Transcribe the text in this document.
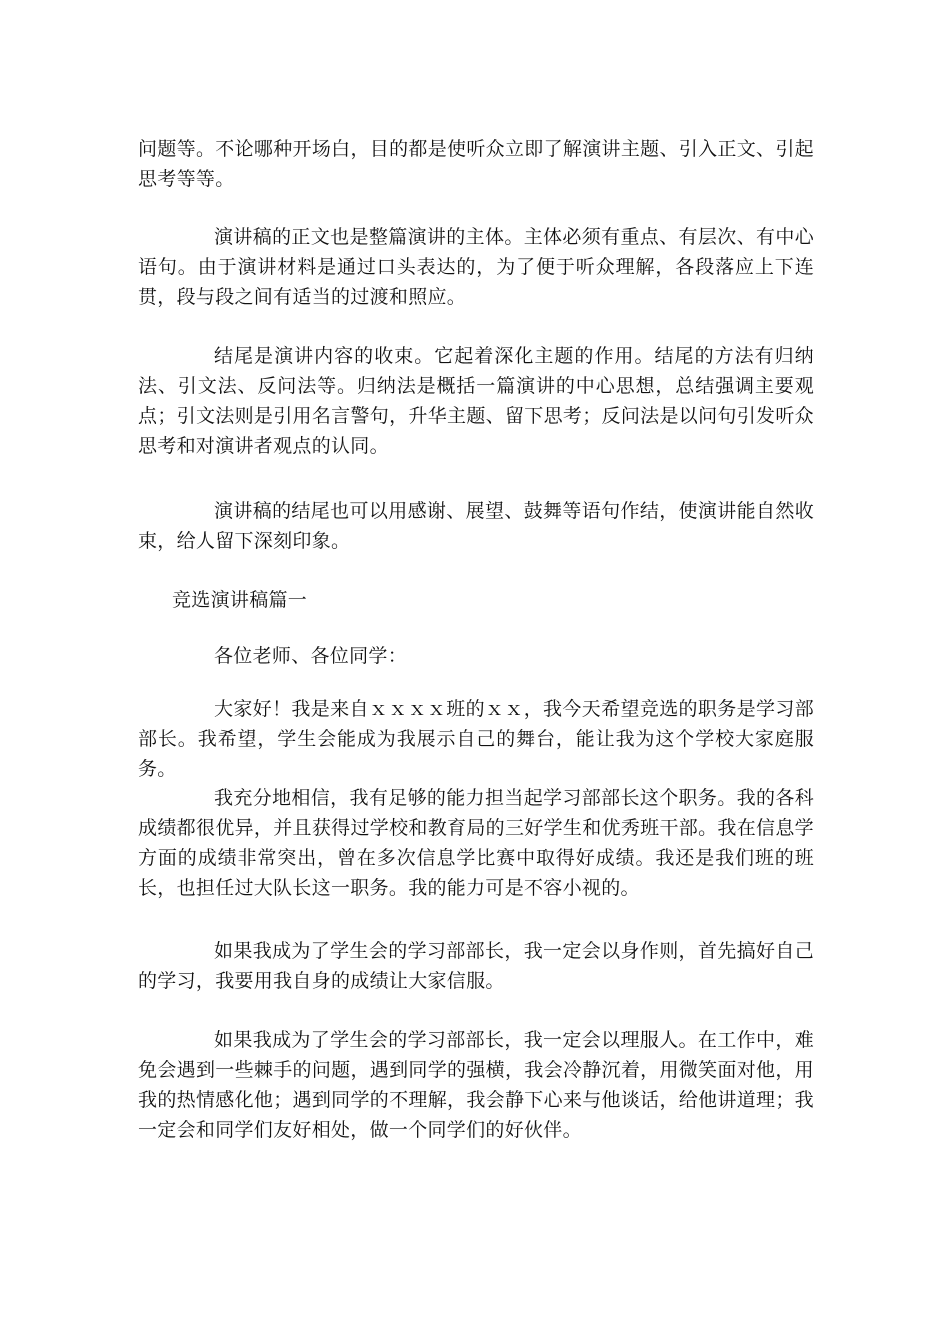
问题等。不论哪种开场白，目的都是使听众立即了解演讲主题、引入正文、引起思考等等。

演讲稿的正文也是整篇演讲的主体。主体必须有重点、有层次、有中心语句。由于演讲材料是通过口头表达的，为了便于听众理解，各段落应上下连贯，段与段之间有适当的过渡和照应。

结尾是演讲内容的收束。它起着深化主题的作用。结尾的方法有归纳法、引文法、反问法等。归纳法是概括一篇演讲的中心思想，总结强调主要观点；引文法则是引用名言警句，升华主题、留下思考；反问法是以问句引发听众思考和对演讲者观点的认同。

演讲稿的结尾也可以用感谢、展望、鼓舞等语句作结，使演讲能自然收束，给人留下深刻印象。

竞选演讲稿篇一

各位老师、各位同学：

大家好！我是来自ｘｘｘｘ班的ｘｘ，我今天希望竞选的职务是学习部部长。我希望，学生会能成为我展示自己的舞台，能让我为这个学校大家庭服务。

我充分地相信，我有足够的能力担当起学习部部长这个职务。我的各科成绩都很优异，并且获得过学校和教育局的三好学生和优秀班干部。我在信息学方面的成绩非常突出，曾在多次信息学比赛中取得好成绩。我还是我们班的班长，也担任过大队长这一职务。我的能力可是不容小视的。

如果我成为了学生会的学习部部长，我一定会以身作则，首先搞好自己的学习，我要用我自身的成绩让大家信服。

如果我成为了学生会的学习部部长，我一定会以理服人。在工作中，难免会遇到一些棘手的问题，遇到同学的强横，我会冷静沉着，用微笑面对他，用我的热情感化他；遇到同学的不理解，我会静下心来与他谈话，给他讲道理；我一定会和同学们友好相处，做一个同学们的好伙伴。
